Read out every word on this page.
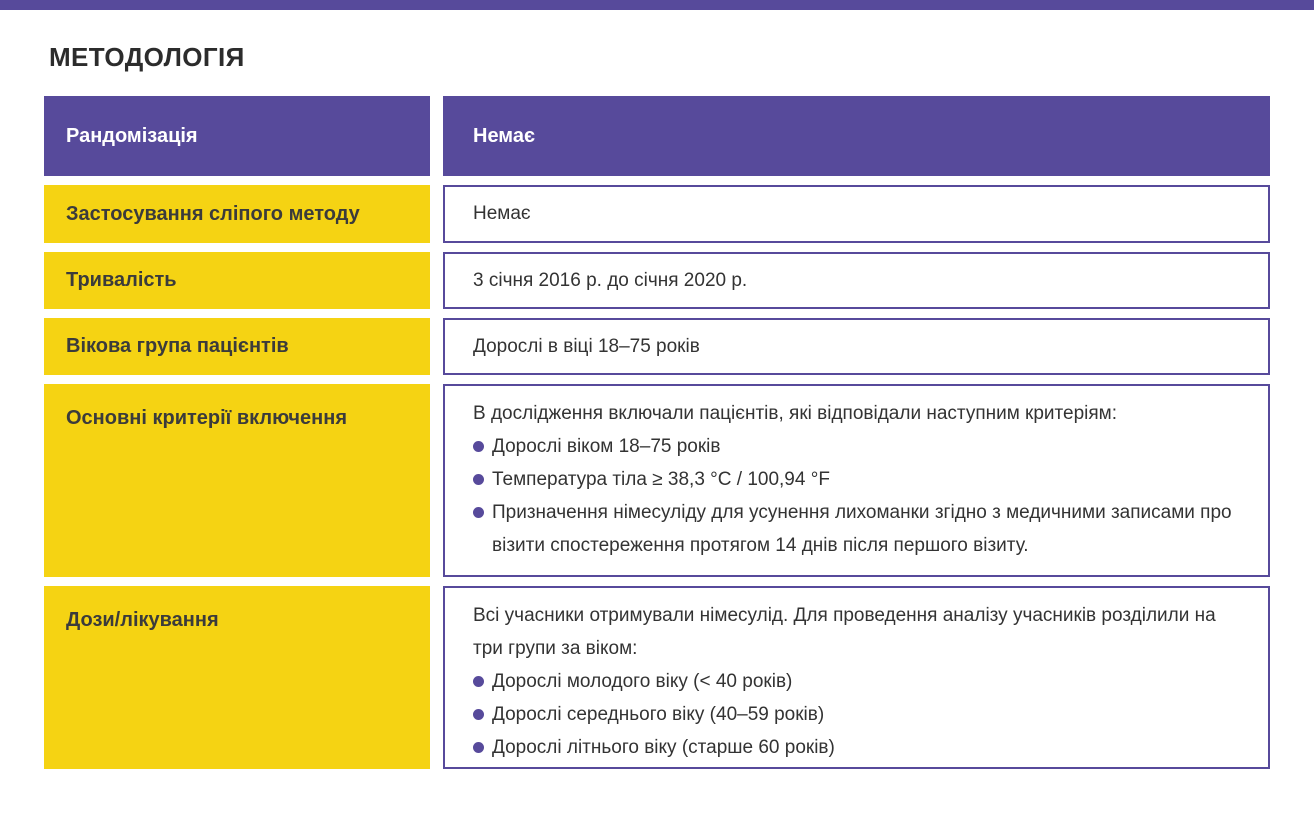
МЕТОДОЛОГІЯ
Рандомізація	Немає
Застосування сліпого методу	Немає
Тривалість	3 січня 2016 р. до січня 2020 р.
Вікова група пацієнтів	Дорослі в віці 18–75 років
Основні критерії включення	В дослідження включали пацієнтів, які відповідали наступним критеріям:

Дорослі віком 18–75 років
Температура тіла ≥ 38,3 °C / 100,94 °F
Призначення німесуліду для усунення лихоманки згідно з медичними записами про візити спостереження протягом 14 днів після першого візиту.
Дози/лікування	Всі учасники отримували німесулід. Для проведення аналізу учасників розділили на три групи за віком:

Дорослі молодого віку (< 40 років)
Дорослі середнього віку (40–59 років)
Дорослі літнього віку (старше 60 років)
